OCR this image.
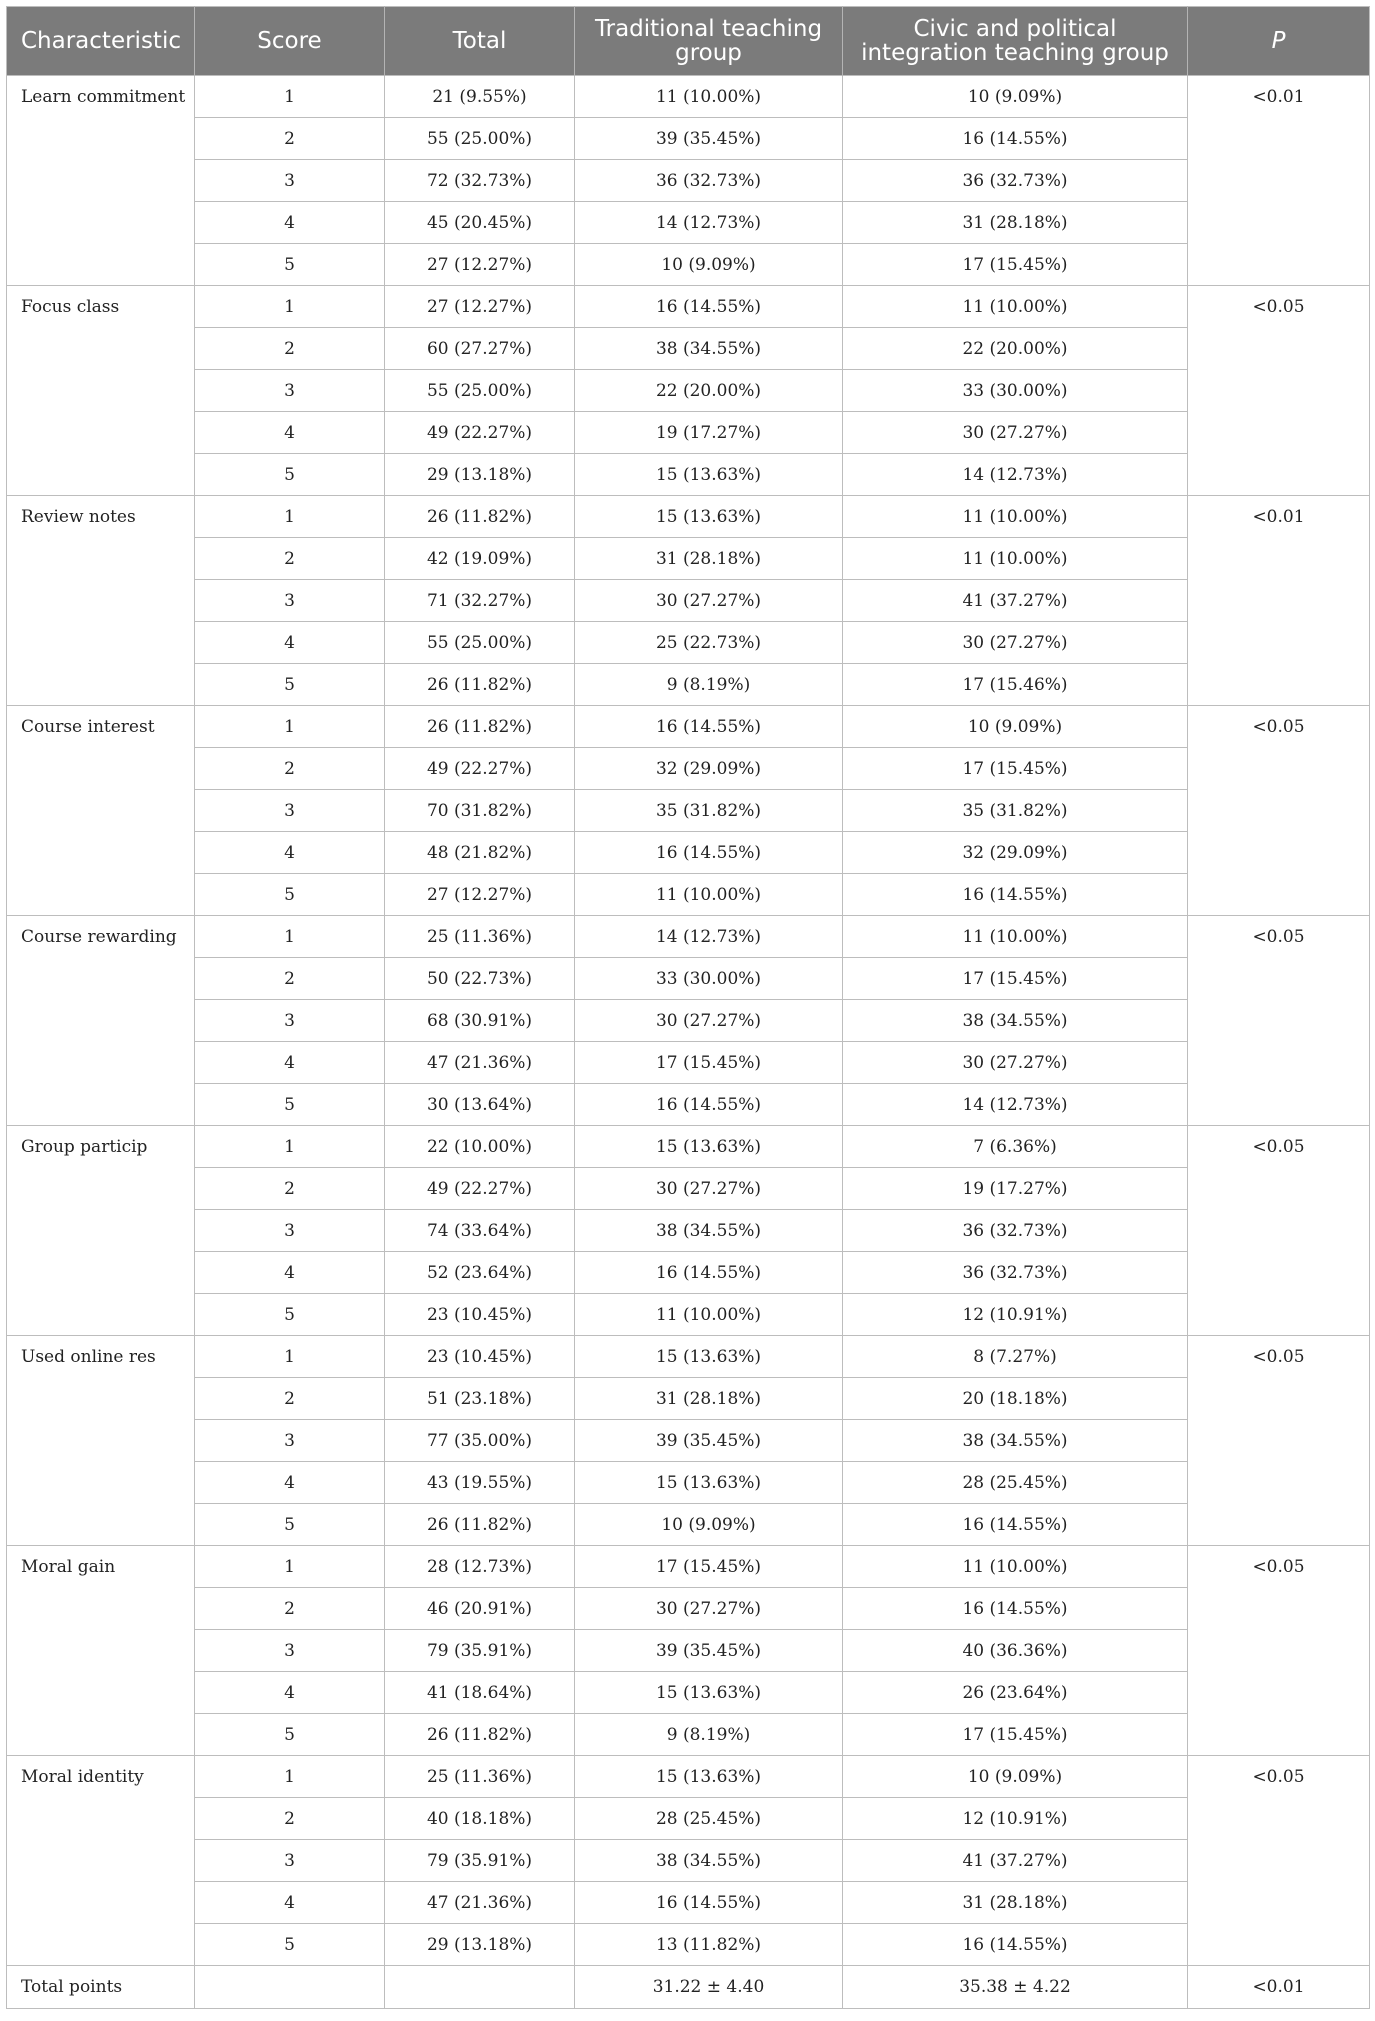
Characteristic	Score	Total	Traditional teaching group	Civic and political integration teaching group	P
Learn commitment	1	21 (9.55%)	11 (10.00%)	10 (9.09%)	<0.01
	2	55 (25.00%)	39 (35.45%)	16 (14.55%)	
	3	72 (32.73%)	36 (32.73%)	36 (32.73%)	
	4	45 (20.45%)	14 (12.73%)	31 (28.18%)	
	5	27 (12.27%)	10 (9.09%)	17 (15.45%)	
Focus class	1	27 (12.27%)	16 (14.55%)	11 (10.00%)	<0.05
	2	60 (27.27%)	38 (34.55%)	22 (20.00%)	
	3	55 (25.00%)	22 (20.00%)	33 (30.00%)	
	4	49 (22.27%)	19 (17.27%)	30 (27.27%)	
	5	29 (13.18%)	15 (13.63%)	14 (12.73%)	
Review notes	1	26 (11.82%)	15 (13.63%)	11 (10.00%)	<0.01
	2	42 (19.09%)	31 (28.18%)	11 (10.00%)	
	3	71 (32.27%)	30 (27.27%)	41 (37.27%)	
	4	55 (25.00%)	25 (22.73%)	30 (27.27%)	
	5	26 (11.82%)	9 (8.19%)	17 (15.46%)	
Course interest	1	26 (11.82%)	16 (14.55%)	10 (9.09%)	<0.05
	2	49 (22.27%)	32 (29.09%)	17 (15.45%)	
	3	70 (31.82%)	35 (31.82%)	35 (31.82%)	
	4	48 (21.82%)	16 (14.55%)	32 (29.09%)	
	5	27 (12.27%)	11 (10.00%)	16 (14.55%)	
Course rewarding	1	25 (11.36%)	14 (12.73%)	11 (10.00%)	<0.05
	2	50 (22.73%)	33 (30.00%)	17 (15.45%)	
	3	68 (30.91%)	30 (27.27%)	38 (34.55%)	
	4	47 (21.36%)	17 (15.45%)	30 (27.27%)	
	5	30 (13.64%)	16 (14.55%)	14 (12.73%)	
Group particip	1	22 (10.00%)	15 (13.63%)	7 (6.36%)	<0.05
	2	49 (22.27%)	30 (27.27%)	19 (17.27%)	
	3	74 (33.64%)	38 (34.55%)	36 (32.73%)	
	4	52 (23.64%)	16 (14.55%)	36 (32.73%)	
	5	23 (10.45%)	11 (10.00%)	12 (10.91%)	
Used online res	1	23 (10.45%)	15 (13.63%)	8 (7.27%)	<0.05
	2	51 (23.18%)	31 (28.18%)	20 (18.18%)	
	3	77 (35.00%)	39 (35.45%)	38 (34.55%)	
	4	43 (19.55%)	15 (13.63%)	28 (25.45%)	
	5	26 (11.82%)	10 (9.09%)	16 (14.55%)	
Moral gain	1	28 (12.73%)	17 (15.45%)	11 (10.00%)	<0.05
	2	46 (20.91%)	30 (27.27%)	16 (14.55%)	
	3	79 (35.91%)	39 (35.45%)	40 (36.36%)	
	4	41 (18.64%)	15 (13.63%)	26 (23.64%)	
	5	26 (11.82%)	9 (8.19%)	17 (15.45%)	
Moral identity	1	25 (11.36%)	15 (13.63%)	10 (9.09%)	<0.05
	2	40 (18.18%)	28 (25.45%)	12 (10.91%)	
	3	79 (35.91%)	38 (34.55%)	41 (37.27%)	
	4	47 (21.36%)	16 (14.55%)	31 (28.18%)	
	5	29 (13.18%)	13 (11.82%)	16 (14.55%)	
Total points			31.22 ± 4.40	35.38 ± 4.22	<0.01
